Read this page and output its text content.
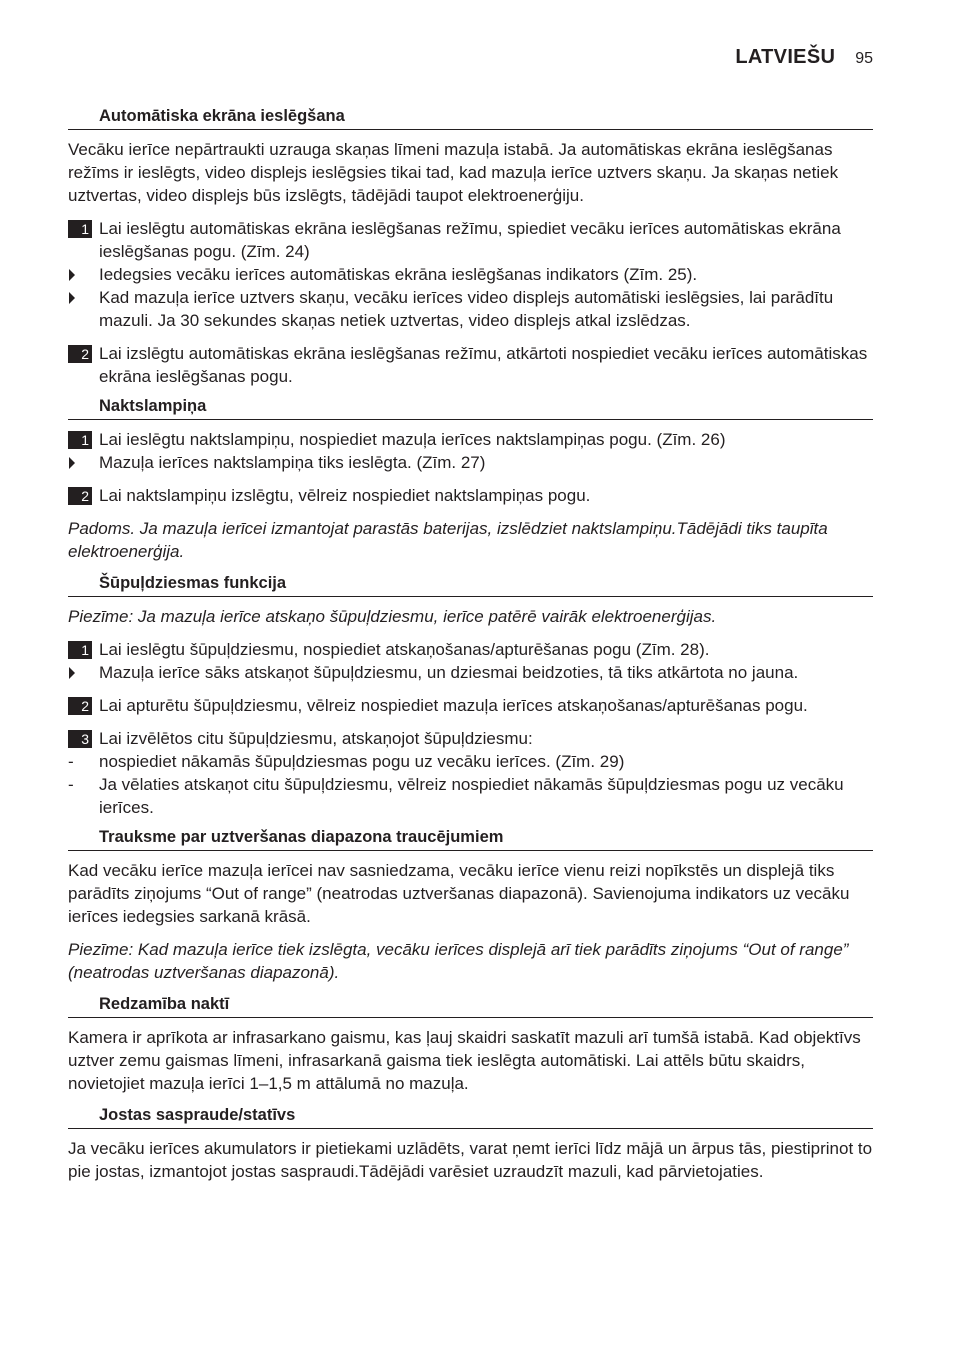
LATVIEŠU 95
Automātiska ekrāna ieslēgšana

Vecāku ierīce nepārtraukti uzrauga skaņas līmeni mazuļa istabā. Ja automātiskas ekrāna ieslēgšanas režīms ir ieslēgts, video displejs ieslēgsies tikai tad, kad mazuļa ierīce uztvers skaņu. Ja skaņas netiek uztvertas, video displejs būs izslēgts, tādējādi taupot elektroenerģiju.

1 Lai ieslēgtu automātiskas ekrāna ieslēgšanas režīmu, spiediet vecāku ierīces automātiskas ekrāna ieslēgšanas pogu. (Zīm. 24)
Iedegsies vecāku ierīces automātiskas ekrāna ieslēgšanas indikators (Zīm. 25).
Kad mazuļa ierīce uztvers skaņu, vecāku ierīces video displejs automātiski ieslēgsies, lai parādītu mazuli. Ja 30 sekundes skaņas netiek uztvertas, video displejs atkal izslēdzas.
2 Lai izslēgtu automātiskas ekrāna ieslēgšanas režīmu, atkārtoti nospiediet vecāku ierīces automātiskas ekrāna ieslēgšanas pogu.
Naktslampiņa
1 Lai ieslēgtu naktslampiņu, nospiediet mazuļa ierīces naktslampiņas pogu. (Zīm. 26)
Mazuļa ierīces naktslampiņa tiks ieslēgta. (Zīm. 27)
2 Lai naktslampiņu izslēgtu, vēlreiz nospiediet naktslampiņas pogu.

Padoms. Ja mazuļa ierīcei izmantojat parastās baterijas, izslēdziet naktslampiņu.Tādējādi tiks taupīta elektroenerģija.

Šūpuļdziesmas funkcija

Piezīme: Ja mazuļa ierīce atskaņo šūpuļdziesmu, ierīce patērē vairāk elektroenerģijas.

1 Lai ieslēgtu šūpuļdziesmu, nospiediet atskaņošanas/apturēšanas pogu (Zīm. 28).
Mazuļa ierīce sāks atskaņot šūpuļdziesmu, un dziesmai beidzoties, tā tiks atkārtota no jauna.
2 Lai apturētu šūpuļdziesmu, vēlreiz nospiediet mazuļa ierīces atskaņošanas/apturēšanas pogu.
3 Lai izvēlētos citu šūpuļdziesmu, atskaņojot šūpuļdziesmu:
- nospiediet nākamās šūpuļdziesmas pogu uz vecāku ierīces. (Zīm. 29)
- Ja vēlaties atskaņot citu šūpuļdziesmu, vēlreiz nospiediet nākamās šūpuļdziesmas pogu uz vecāku ierīces.
Trauksme par uztveršanas diapazona traucējumiem

Kad vecāku ierīce mazuļa ierīcei nav sasniedzama, vecāku ierīce vienu reizi nopīkstēs un displejā tiks parādīts ziņojums “Out of range” (neatrodas uztveršanas diapazonā). Savienojuma indikators uz vecāku ierīces iedegsies sarkanā krāsā.

Piezīme: Kad mazuļa ierīce tiek izslēgta, vecāku ierīces displejā arī tiek parādīts ziņojums “Out of range” (neatrodas uztveršanas diapazonā).

Redzamība naktī

Kamera ir aprīkota ar infrasarkano gaismu, kas ļauj skaidri saskatīt mazuli arī tumšā istabā. Kad objektīvs uztver zemu gaismas līmeni, infrasarkanā gaisma tiek ieslēgta automātiski. Lai attēls būtu skaidrs, novietojiet mazuļa ierīci 1–1,5 m attālumā no mazuļa.

Jostas saspraude/statīvs

Ja vecāku ierīces akumulators ir pietiekami uzlādēts, varat ņemt ierīci līdz mājā un ārpus tās, piestiprinot to pie jostas, izmantojot jostas saspraudi.Tādējādi varēsiet uzraudzīt mazuli, kad pārvietojaties.
